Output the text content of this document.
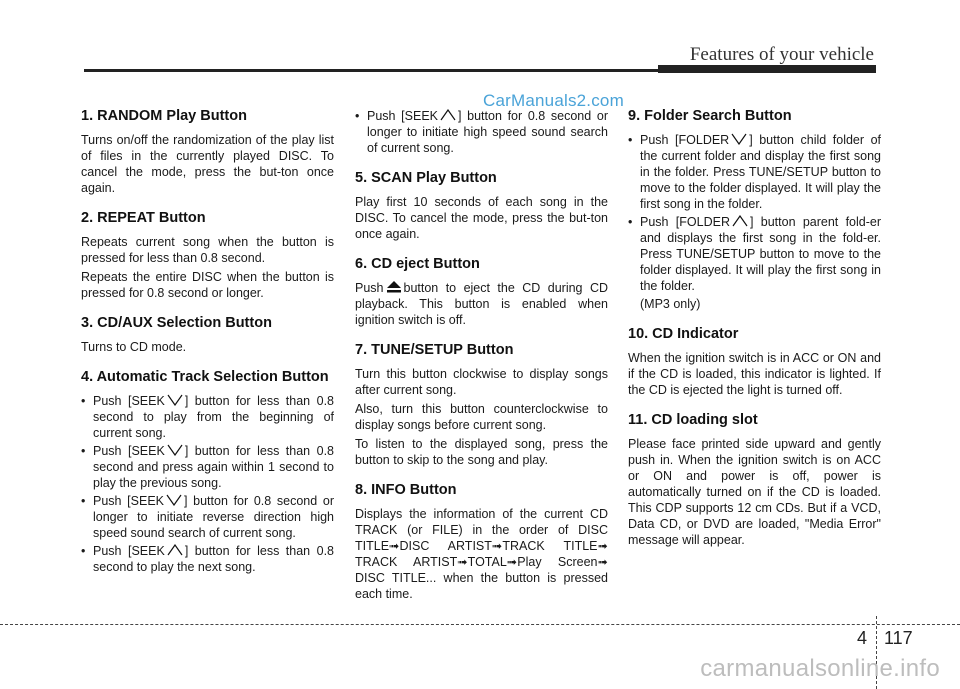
Features of your vehicle
CarManuals2.com
1. RANDOM Play Button

Turns on/off the randomization of the play list of files in the currently played DISC. To cancel the mode, press the but-ton once again.

2. REPEAT Button

Repeats current song when the button is pressed for less than 0.8 second.

Repeats the entire DISC when the button is pressed for 0.8 second or longer.

3. CD/AUX Selection Button

Turns to CD mode.

4. Automatic Track Selection Button
• Push [SEEK ] button for less than 0.8 second to play from the beginning of current song.
• Push [SEEK ] button for less than 0.8 second and press again within 1 second to play the previous song.
• Push [SEEK ] button for 0.8 second or longer to initiate reverse direction high speed sound search of current song.
• Push [SEEK ] button for less than 0.8 second to play the next song.
• Push [SEEK ] button for 0.8 second or longer to initiate high speed sound search of current song.
5. SCAN Play Button

Play first 10 seconds of each song in the DISC. To cancel the mode, press the but-ton once again.

6. CD eject Button

Push button to eject the CD during CD playback. This button is enabled when ignition switch is off.

7. TUNE/SETUP Button

Turn this button clockwise to display songs after current song.

Also, turn this button counterclockwise to display songs before current song.

To listen to the displayed song, press the button to skip to the song and play.

8. INFO Button

Displays the information of the current CD TRACK (or FILE) in the order of DISC TITLE➟DISC ARTIST➟TRACK TITLE➟ TRACK ARTIST➟TOTAL➟Play Screen➟ DISC TITLE... when the button is pressed each time.

9. Folder Search Button
• Push [FOLDER ] button child folder of the current folder and display the first song in the folder. Press TUNE/SETUP button to move to the folder displayed. It will play the first song in the folder.
• Push [FOLDER ] button parent fold-er and displays the first song in the fold-er. Press TUNE/SETUP button to move to the folder displayed. It will play the first song in the folder.

(MP3 only)

10. CD Indicator

When the ignition switch is in ACC or ON and if the CD is loaded, this indicator is lighted. If the CD is ejected the light is turned off.

11. CD loading slot

Please face printed side upward and gently push in. When the ignition switch is on ACC or ON and power is off, power is automatically turned on if the CD is loaded. This CDP supports 12 cm CDs. But if a VCD, Data CD, or DVD are loaded, "Media Error" message will appear.

4 117
carmanualsonline.info
